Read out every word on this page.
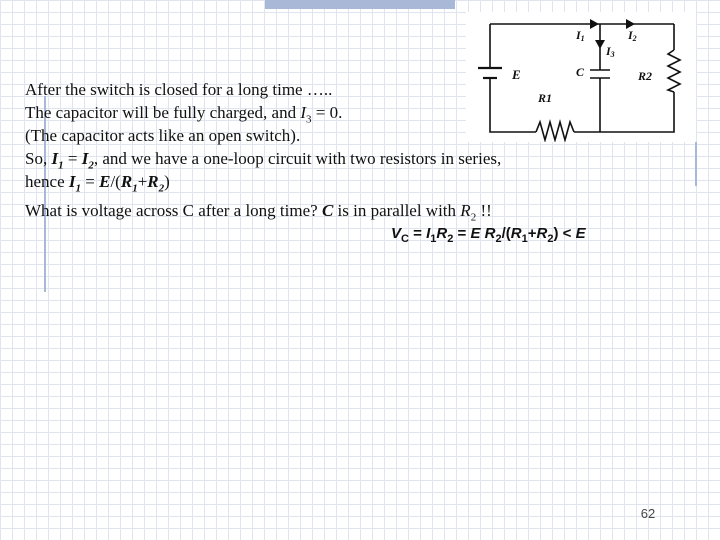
I1	I2
I3
E	C
R1
R2

After the switch is closed for a long time …..

The capacitor will be fully charged, and $I_3 = 0$.

(The capacitor acts like an open switch).

So, $I_1 = I_2$, and we have a one-loop circuit with two resistors in series,

hence $I_1 = E/(R_1+R_2)$

What is voltage across C after a long time? C is in parallel with $R_2$ !!

$V_C = I_1R_2 = E$ $R_2/(R_1+R_2) < E$

62
